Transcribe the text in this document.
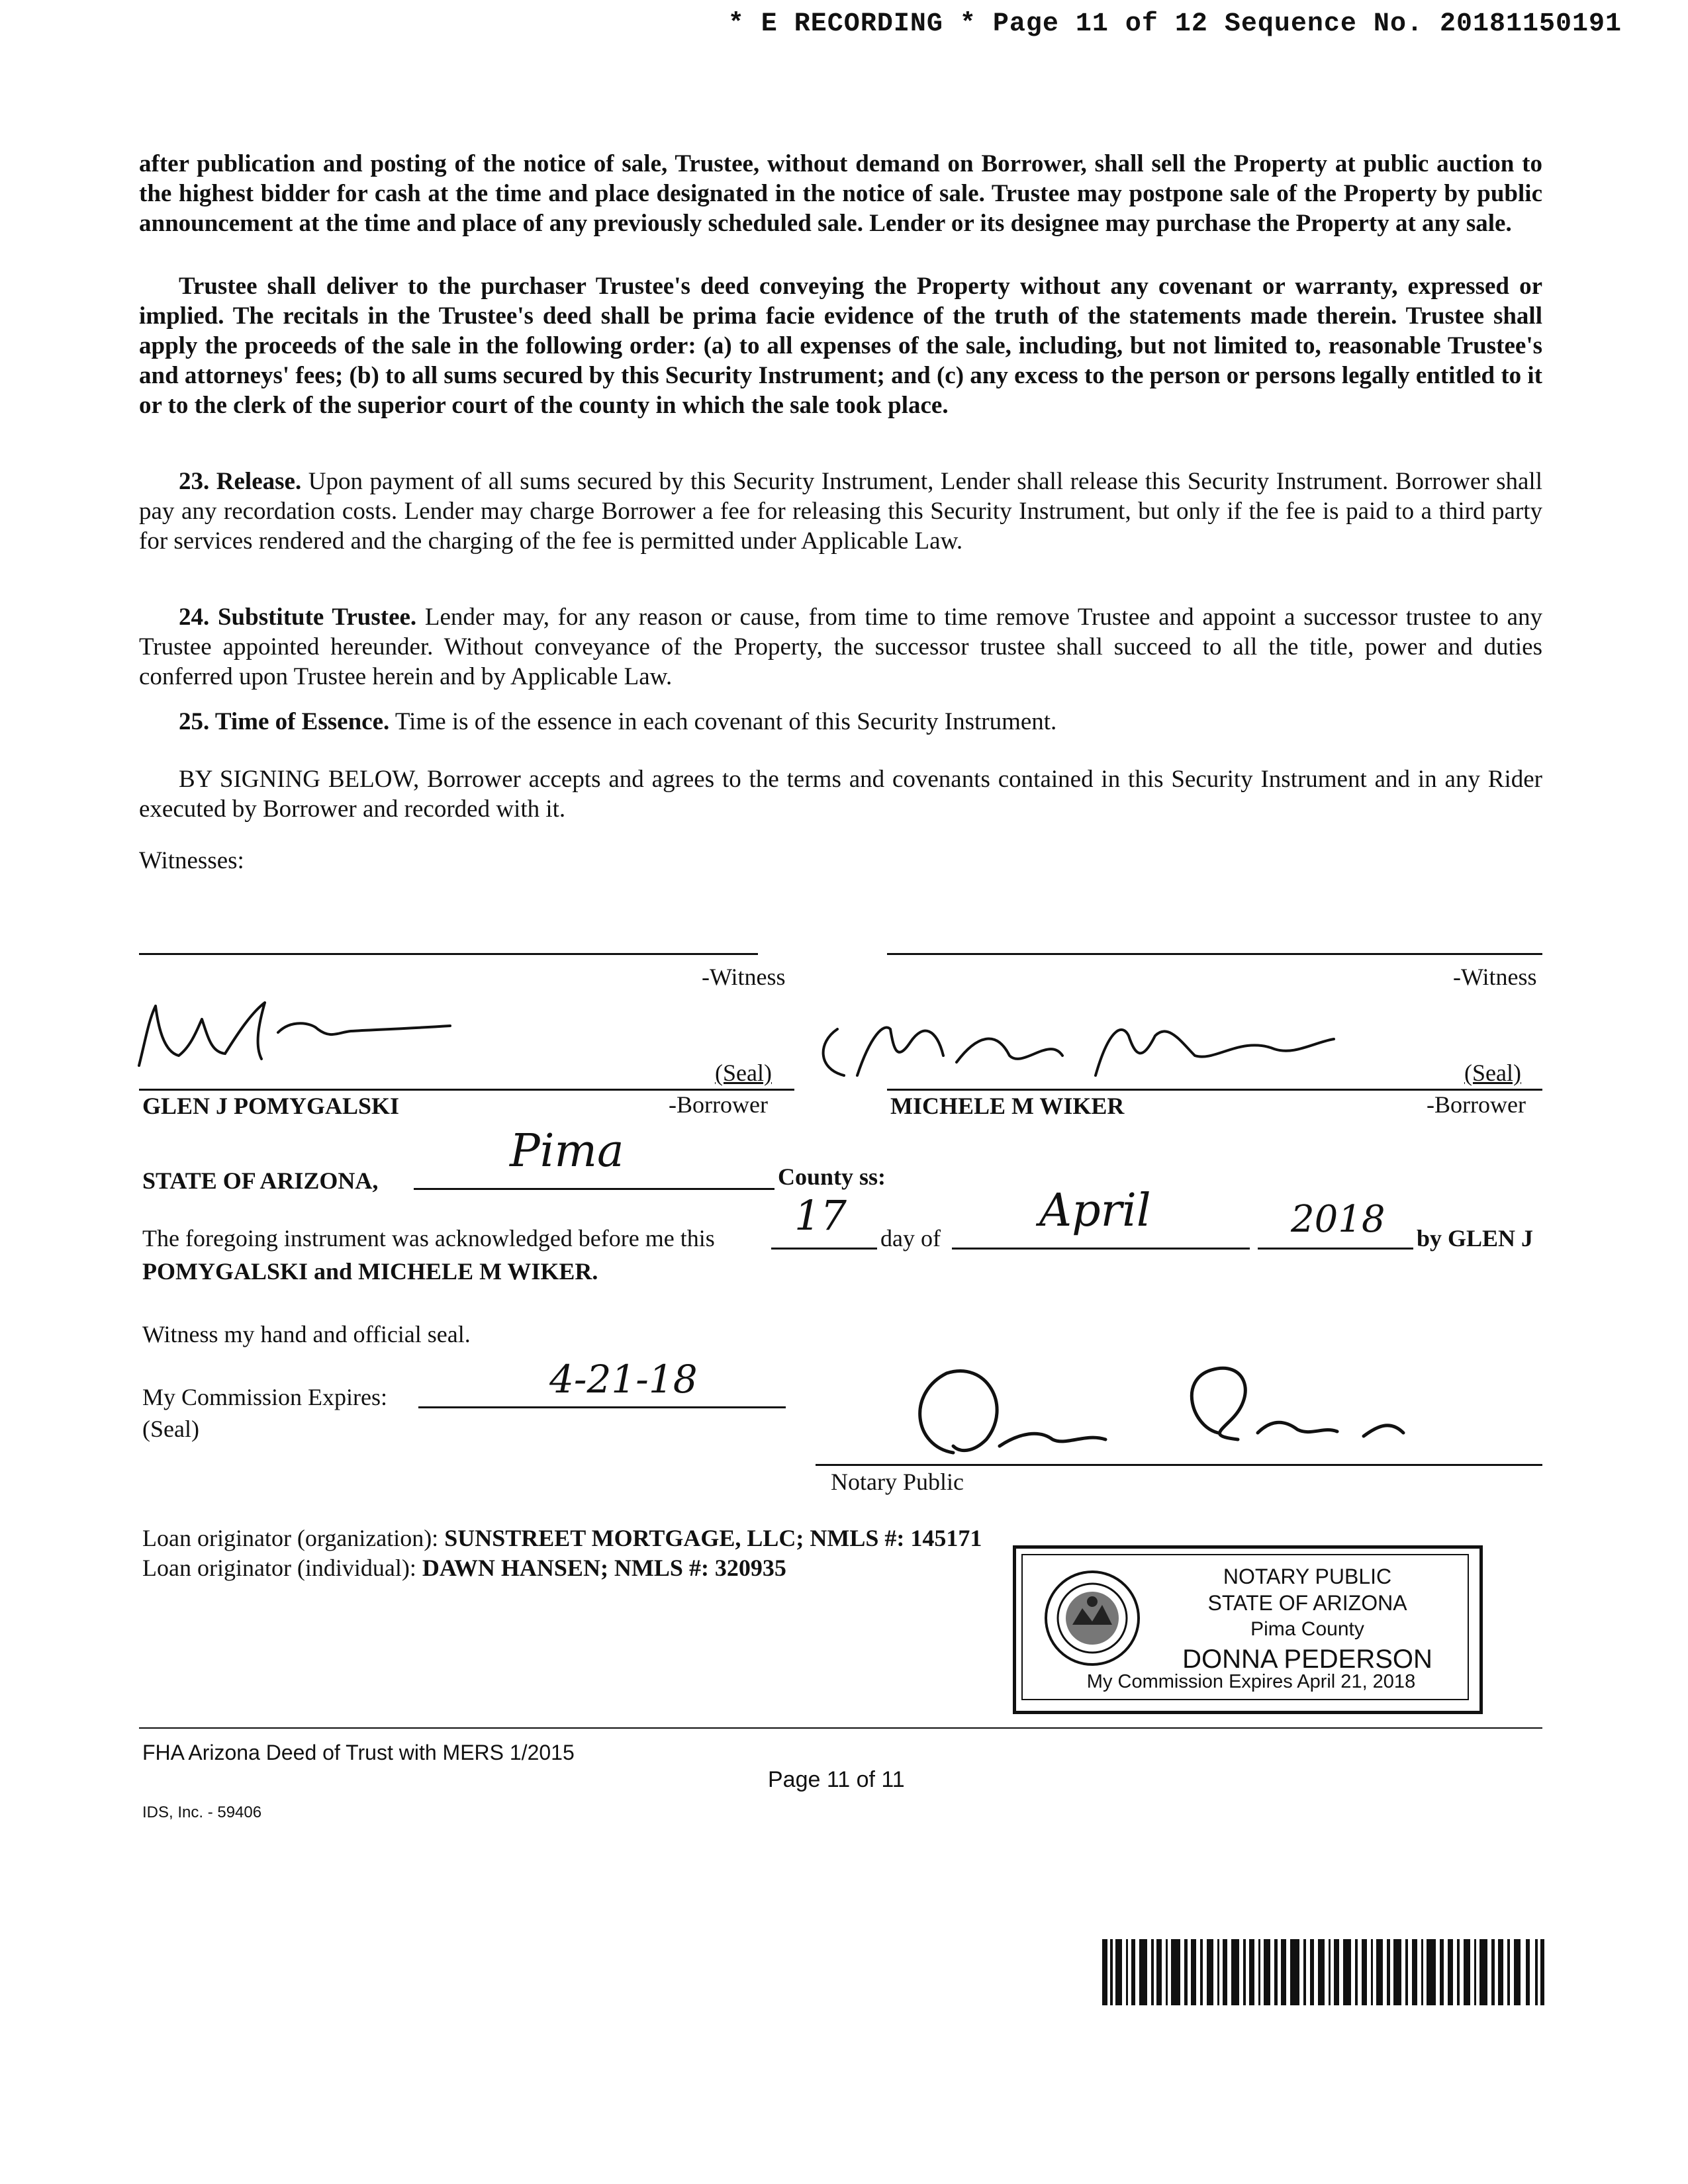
* E RECORDING * Page 11 of 12 Sequence No. 20181150191
after publication and posting of the notice of sale, Trustee, without demand on Borrower, shall sell the Property at public auction to the highest bidder for cash at the time and place designated in the notice of sale. Trustee may postpone sale of the Property by public announcement at the time and place of any previously scheduled sale. Lender or its designee may purchase the Property at any sale.
Trustee shall deliver to the purchaser Trustee's deed conveying the Property without any covenant or warranty, expressed or implied. The recitals in the Trustee's deed shall be prima facie evidence of the truth of the statements made therein. Trustee shall apply the proceeds of the sale in the following order: (a) to all expenses of the sale, including, but not limited to, reasonable Trustee's and attorneys' fees; (b) to all sums secured by this Security Instrument; and (c) any excess to the person or persons legally entitled to it or to the clerk of the superior court of the county in which the sale took place.
23. Release. Upon payment of all sums secured by this Security Instrument, Lender shall release this Security Instrument. Borrower shall pay any recordation costs. Lender may charge Borrower a fee for releasing this Security Instrument, but only if the fee is paid to a third party for services rendered and the charging of the fee is permitted under Applicable Law.
24. Substitute Trustee. Lender may, for any reason or cause, from time to time remove Trustee and appoint a successor trustee to any Trustee appointed hereunder. Without conveyance of the Property, the successor trustee shall succeed to all the title, power and duties conferred upon Trustee herein and by Applicable Law.
25. Time of Essence. Time is of the essence in each covenant of this Security Instrument.
BY SIGNING BELOW, Borrower accepts and agrees to the terms and covenants contained in this Security Instrument and in any Rider executed by Borrower and recorded with it.
Witnesses:
-Witness	-Witness
(Seal)
GLEN J POMYGALSKI	-Borrower
(Seal)
MICHELE M WIKER	-Borrower
STATE OF ARIZONA,
Pima	County ss:
The foregoing instrument was acknowledged before me this 17 day of
April	2018 by GLEN J
POMYGALSKI and MICHELE M WIKER.
Witness my hand and official seal.
My Commission Expires:	4-21-18
(Seal)
Notary Public
Loan originator (organization): SUNSTREET MORTGAGE, LLC; NMLS #: 145171
Loan originator (individual): DAWN HANSEN; NMLS #: 320935	NOTARY PUBLIC
STATE OF ARIZONA
Pima County
DONNA PEDERSON
My Commission Expires April 21, 2018
FHA Arizona Deed of Trust with MERS 1/2015
Page 11 of 11
IDS, Inc. - 59406
